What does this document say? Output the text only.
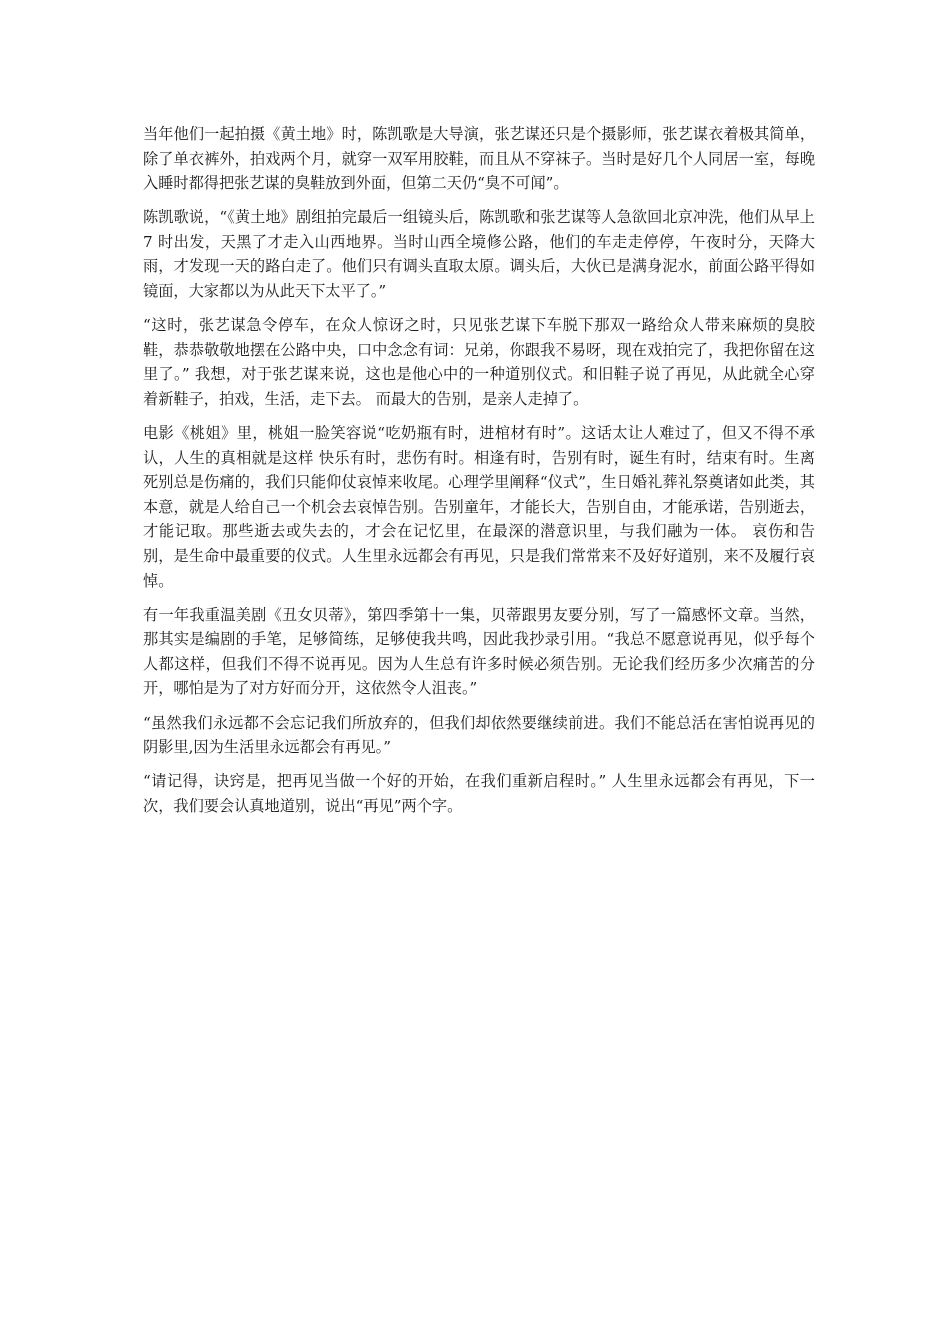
当年他们一起拍摄《黄土地》时，陈凯歌是大导演，张艺谋还只是个摄影师，张艺谋衣着极其简单，除了单衣裤外，拍戏两个月，就穿一双军用胶鞋，而且从不穿袜子。当时是好几个人同居一室，每晚入睡时都得把张艺谋的臭鞋放到外面，但第二天仍“臭不可闻”。

陈凯歌说，“《黄土地》剧组拍完最后一组镜头后，陈凯歌和张艺谋等人急欲回北京冲洗，他们从早上 7 时出发，天黑了才走入山西地界。当时山西全境修公路，他们的车走走停停，午夜时分，天降大雨，才发现一天的路白走了。他们只有调头直取太原。调头后，大伙已是满身泥水，前面公路平得如镜面，大家都以为从此天下太平了。”

“这时，张艺谋急令停车，在众人惊讶之时，只见张艺谋下车脱下那双一路给众人带来麻烦的臭胶鞋，恭恭敬敬地摆在公路中央，口中念念有词：兄弟，你跟我不易呀，现在戏拍完了，我把你留在这里了。” 我想，对于张艺谋来说，这也是他心中的一种道别仪式。和旧鞋子说了再见，从此就全心穿着新鞋子，拍戏，生活，走下去。 而最大的告别，是亲人走掉了。

电影《桃姐》里，桃姐一脸笑容说“吃奶瓶有时，进棺材有时”。这话太让人难过了，但又不得不承认，人生的真相就是这样 快乐有时，悲伤有时。相逢有时，告别有时，诞生有时，结束有时。生离死别总是伤痛的，我们只能仰仗哀悼来收尾。心理学里阐释“仪式”，生日婚礼葬礼祭奠诸如此类，其本意，就是人给自己一个机会去哀悼告别。告别童年，才能长大，告别自由，才能承诺，告别逝去，才能记取。那些逝去或失去的，才会在记忆里，在最深的潜意识里，与我们融为一体。 哀伤和告别，是生命中最重要的仪式。人生里永远都会有再见，只是我们常常来不及好好道别，来不及履行哀悼。

有一年我重温美剧《丑女贝蒂》，第四季第十一集，贝蒂跟男友要分别，写了一篇感怀文章。当然，那其实是编剧的手笔，足够简练，足够使我共鸣，因此我抄录引用。“我总不愿意说再见，似乎每个人都这样，但我们不得不说再见。因为人生总有许多时候必须告别。无论我们经历多少次痛苦的分开，哪怕是为了对方好而分开，这依然令人沮丧。”

“虽然我们永远都不会忘记我们所放弃的，但我们却依然要继续前进。我们不能总活在害怕说再见的阴影里,因为生活里永远都会有再见。”

“请记得，诀窍是，把再见当做一个好的开始，在我们重新启程时。” 人生里永远都会有再见，下一次，我们要会认真地道别，说出“再见”两个字。
